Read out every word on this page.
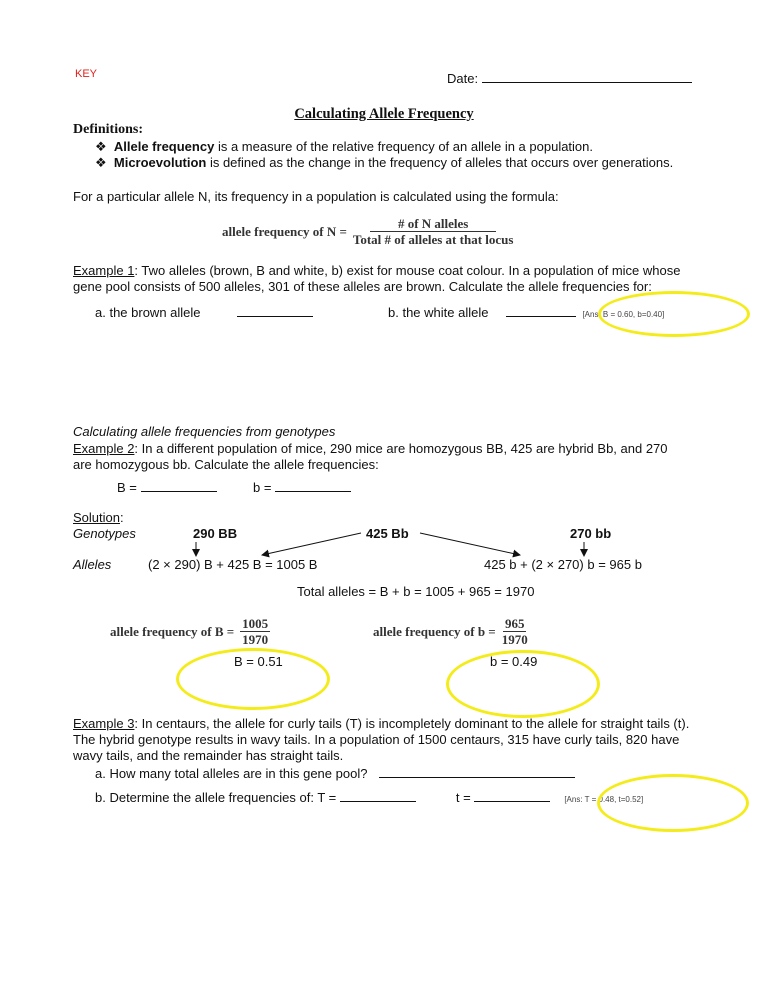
KEY	Date:
Calculating Allele Frequency
Definitions:
❖ Allele frequency is a measure of the relative frequency of an allele in a population.
❖ Microevolution is defined as the change in the frequency of alleles that occurs over generations.
For a particular allele N, its frequency in a population is calculated using the formula:
allele frequency of $N = \frac{\text{\# of N alleles}}{\text{Total \# of alleles at that locus}}$
Example 1: Two alleles (brown, B and white, b) exist for mouse coat colour. In a population of mice whose
gene pool consists of 500 alleles, 301 of these alleles are brown. Calculate the allele frequencies for:
a. the brown allele	b. the white allele	[Ans: B = 0.60, b=0.40]
Calculating allele frequencies from genotypes
Example 2: In a different population of mice, 290 mice are homozygous BB, 425 are hybrid Bb, and 270
are homozygous bb. Calculate the allele frequencies:
B =	b =
Solution:
Genotypes	290 BB	425 Bb	270 bb
Alleles	(2 × 290) B + 425 B = 1005 B	425 b + (2 × 270) b = 965 b
Total alleles = B + b = 1005 + 965 = 1970
allele frequency of $B = \frac{1005}{1970}$	allele frequency of $b = \frac{965}{1970}$
B = 0.51	b = 0.49
Example 3: In centaurs, the allele for curly tails (T) is incompletely dominant to the allele for straight tails (t).
The hybrid genotype results in wavy tails. In a population of 1500 centaurs, 315 have curly tails, 820 have
wavy tails, and the remainder has straight tails.
a. How many total alleles are in this gene pool?
b. Determine the allele frequencies of: T =	t =	[Ans: T = 0.48, t=0.52]
